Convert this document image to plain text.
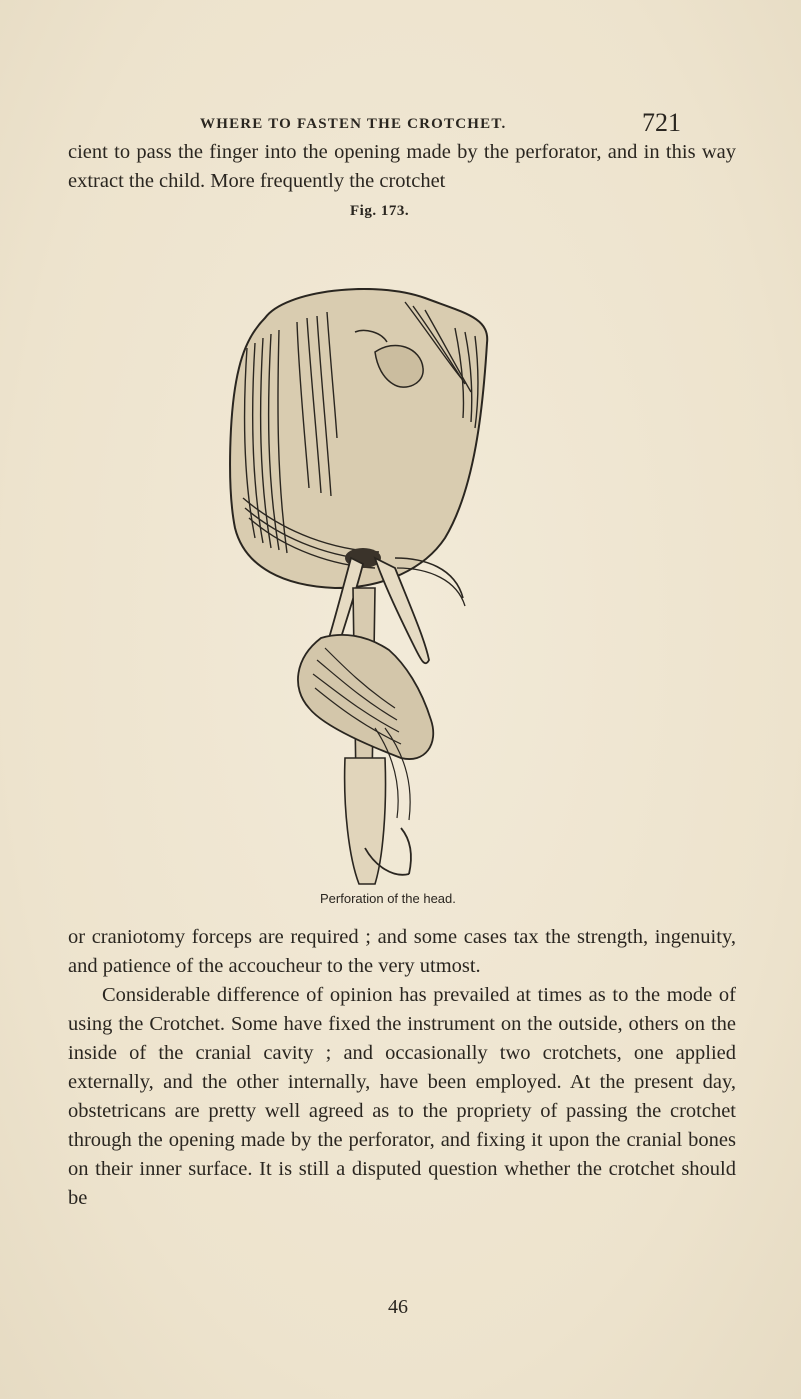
WHERE TO FASTEN THE CROTCHET.	721

cient to pass the finger into the opening made by the perforator, and in this way extract the child. More frequently the crotchet

Fig. 173.
Perforation of the head.

or craniotomy forceps are required ; and some cases tax the strength, ingenuity, and patience of the accoucheur to the very utmost.

Considerable difference of opinion has prevailed at times as to the mode of using the Crotchet. Some have fixed the instrument on the outside, others on the inside of the cranial cavity ; and occasionally two crotchets, one applied externally, and the other internally, have been employed. At the present day, obstetricans are pretty well agreed as to the propriety of passing the crotchet through the opening made by the perforator, and fixing it upon the cranial bones on their inner surface. It is still a disputed question whether the crotchet should be

46
